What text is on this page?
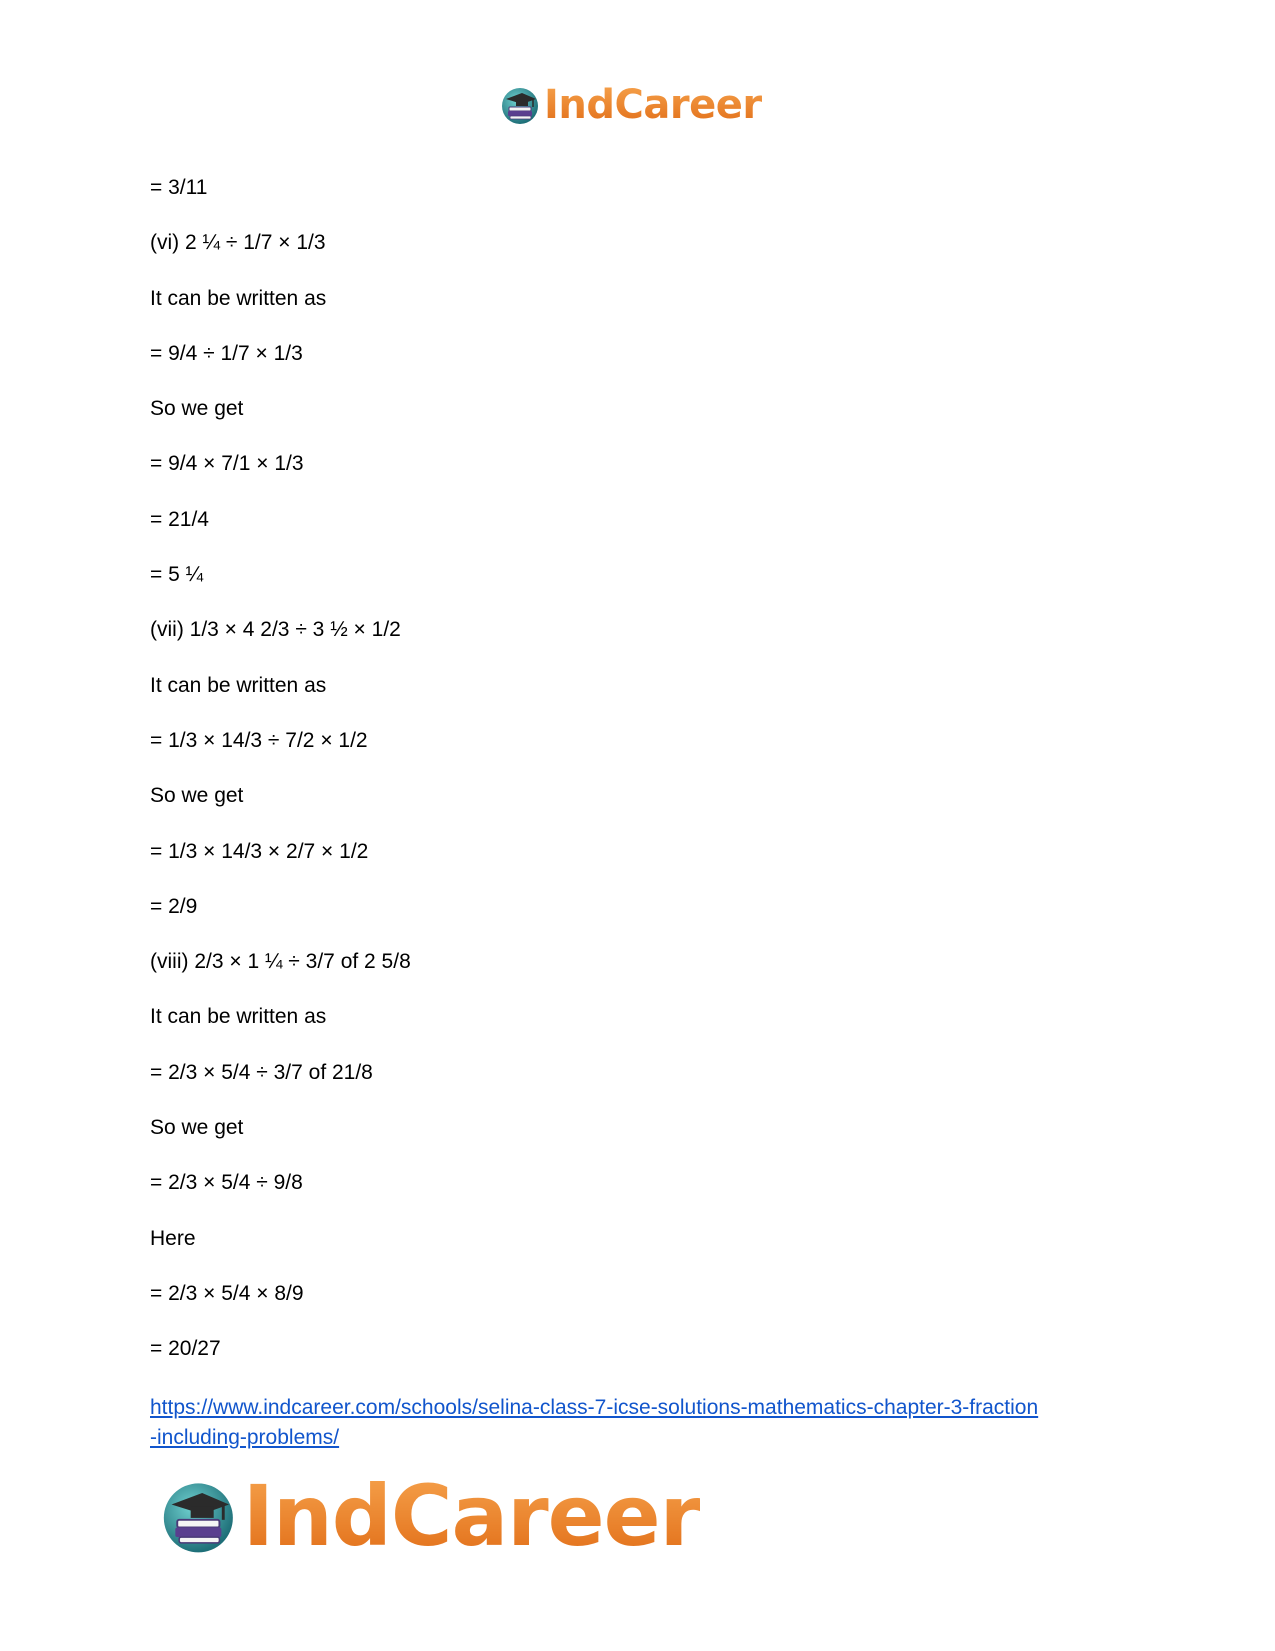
IndCareer
= 3/11
(vi) 2 ¼ ÷ 1/7 × 1/3
It can be written as
= 9/4 ÷ 1/7 × 1/3
So we get
= 9/4 × 7/1 × 1/3
= 21/4
= 5 ¼
(vii) 1/3 × 4 2/3 ÷ 3 ½ × 1/2
It can be written as
= 1/3 × 14/3 ÷ 7/2 × 1/2
So we get
= 1/3 × 14/3 × 2/7 × 1/2
= 2/9
(viii) 2/3 × 1 ¼ ÷ 3/7 of 2 5/8
It can be written as
= 2/3 × 5/4 ÷ 3/7 of 21/8
So we get
= 2/3 × 5/4 ÷ 9/8
Here
= 2/3 × 5/4 × 8/9
= 20/27
https://www.indcareer.com/schools/selina-class-7-icse-solutions-mathematics-chapter-3-fraction
-including-problems/
IndCareer
